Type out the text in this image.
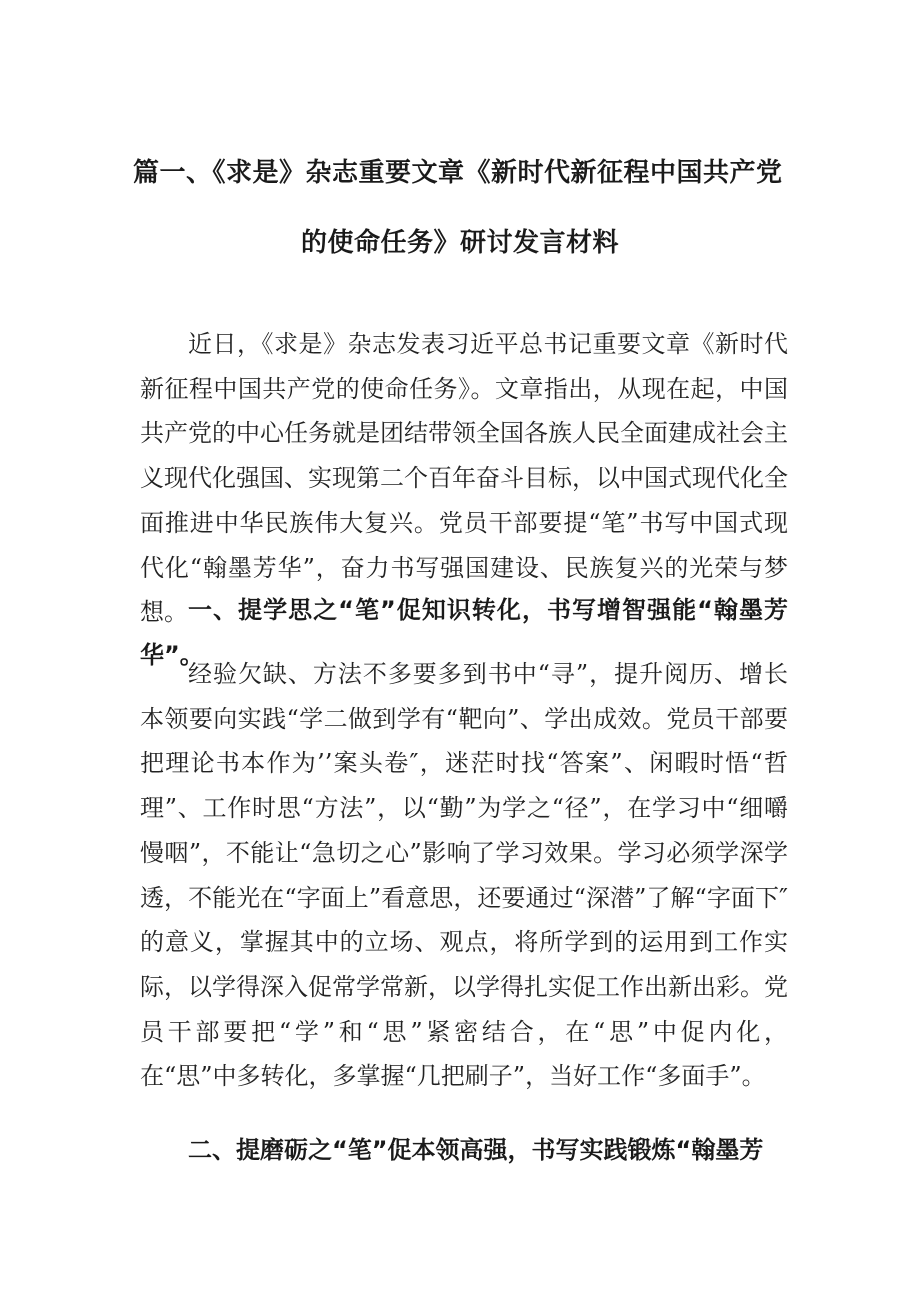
篇一、《求是》杂志重要文章《新时代新征程中国共产党
的使命任务》研讨发言材料
近日，《求是》杂志发表习近平总书记重要文章《新时代新征程中国共产党的使命任务》。文章指出，从现在起，中国共产党的中心任务就是团结带领全国各族人民全面建成社会主义现代化强国、实现第二个百年奋斗目标，以中国式现代化全面推进中华民族伟大复兴。党员干部要提“笔”书写中国式现代化“翰墨芳华”，奋力书写强国建设、民族复兴的光荣与梦想。 一、提学思之“笔”促知识转化，书写增智强能“翰墨芳华”。
经验欠缺、方法不多要多到书中“寻”，提升阅历、增长本领要向实践“学二做到学有“靶向”、学出成效。党员干部要把理论书本作为’’案头卷″，迷茫时找“答案”、闲暇时悟“哲理”、工作时思“方法”，以“勤”为学之“径”，在学习中“细嚼慢咽”，不能让“急切之心”影响了学习效果。学习必须学深学透，不能光在“字面上”看意思，还要通过“深潜”了解“字面下″的意义，掌握其中的立场、观点，将所学到的运用到工作实际，以学得深入促常学常新，以学得扎实促工作出新出彩。党员干部要把“学”和“思”紧密结合，在“思”中促内化，在“思”中多转化，多掌握“几把刷子”，当好工作“多面手”。
二、提磨砺之“笔”促本领高强，书写实践锻炼“翰墨芳
